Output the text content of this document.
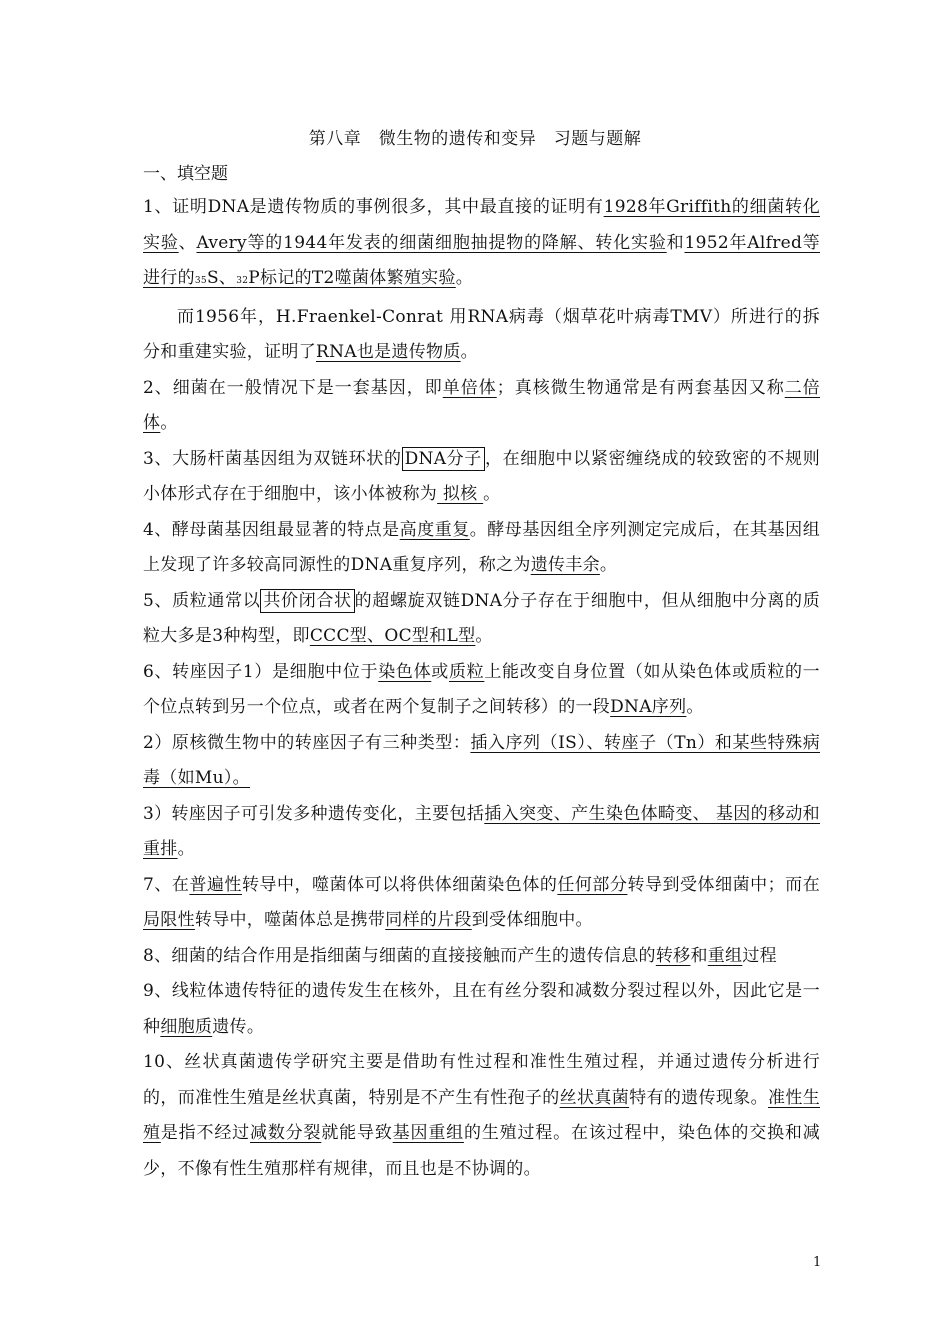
第八章　微生物的遗传和变异　习题与题解
一、填空题

1、证明DNA是遗传物质的事例很多，其中最直接的证明有1928年Griffith的细菌转化实验、Avery等的1944年发表的细菌细胞抽提物的降解、转化实验和1952年Alfred等进行的35S、32P标记的T2噬菌体繁殖实验。

而1956年，H.Fraenkel-Conrat 用RNA病毒（烟草花叶病毒TMV）所进行的拆分和重建实验，证明了RNA也是遗传物质。

2、细菌在一般情况下是一套基因，即单倍体；真核微生物通常是有两套基因又称二倍体。

3、大肠杆菌基因组为双链环状的 DNA分子 ，在细胞中以紧密缠绕成的较致密的不规则小体形式存在于细胞中，该小体被称为 拟核 。

4、酵母菌基因组最显著的特点是高度重复。酵母基因组全序列测定完成后，在其基因组上发现了许多较高同源性的DNA重复序列，称之为遗传丰余。

5、质粒通常以 共价闭合状 的超螺旋双链DNA分子存在于细胞中，但从细胞中分离的质粒大多是3种构型，即CCC型、OC型和L型。

6、转座因子1）是细胞中位于染色体或质粒上能改变自身位置（如从染色体或质粒的一个位点转到另一个位点，或者在两个复制子之间转移）的一段DNA序列。

2）原核微生物中的转座因子有三种类型：插入序列（IS）、转座子（Tn）和某些特殊病毒（如Mu）。

3）转座因子可引发多种遗传变化，主要包括插入突变、产生染色体畸变、 基因的移动和重排。

7、在普遍性转导中，噬菌体可以将供体细菌染色体的任何部分转导到受体细菌中；而在局限性转导中，噬菌体总是携带同样的片段到受体细胞中。

8、细菌的结合作用是指细菌与细菌的直接接触而产生的遗传信息的转移和重组过程

9、线粒体遗传特征的遗传发生在核外，且在有丝分裂和减数分裂过程以外，因此它是一种细胞质遗传。

10、丝状真菌遗传学研究主要是借助有性过程和准性生殖过程，并通过遗传分析进行的，而准性生殖是丝状真菌，特别是不产生有性孢子的丝状真菌特有的遗传现象。准性生殖是指不经过减数分裂就能导致基因重组的生殖过程。在该过程中，染色体的交换和减少，不像有性生殖那样有规律，而且也是不协调的。

1
